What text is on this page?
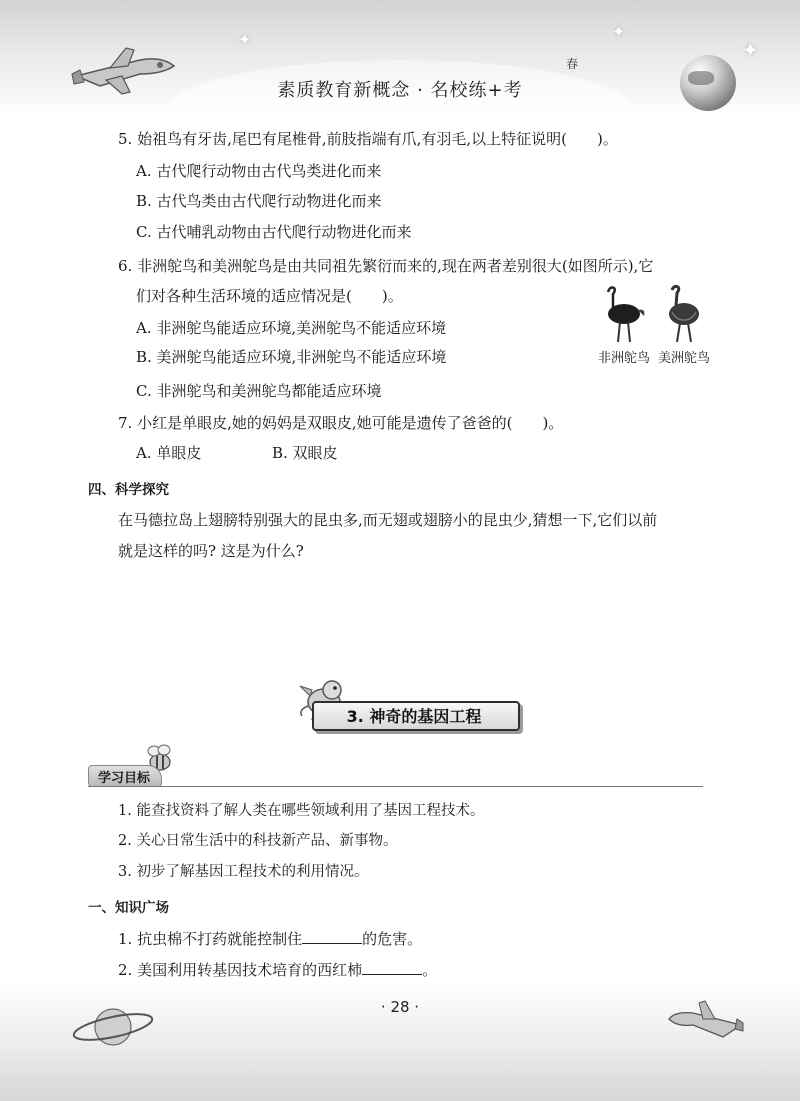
✦	✦
✦
素质教育新概念 · 名校练+考
春
5. 始祖鸟有牙齿,尾巴有尾椎骨,前肢指端有爪,有羽毛,以上特征说明(　　)。
A. 古代爬行动物由古代鸟类进化而来
B. 古代鸟类由古代爬行动物进化而来
C. 古代哺乳动物由古代爬行动物进化而来
6. 非洲鸵鸟和美洲鸵鸟是由共同祖先繁衍而来的,现在两者差别很大(如图所示),它
们对各种生活环境的适应情况是(　　)。
A. 非洲鸵鸟能适应环境,美洲鸵鸟不能适应环境
B. 美洲鸵鸟能适应环境,非洲鸵鸟不能适应环境
C. 非洲鸵鸟和美洲鸵鸟都能适应环境
非洲鸵鸟 美洲鸵鸟
7. 小红是单眼皮,她的妈妈是双眼皮,她可能是遗传了爸爸的(　　)。
A. 单眼皮	B. 双眼皮
四、科学探究
在马德拉岛上翅膀特别强大的昆虫多,而无翅或翅膀小的昆虫少,猜想一下,它们以前
就是这样的吗? 这是为什么?
3. 神奇的基因工程
学习目标
1. 能查找资料了解人类在哪些领域利用了基因工程技术。
2. 关心日常生活中的科技新产品、新事物。
3. 初步了解基因工程技术的利用情况。
一、知识广场
1. 抗虫棉不打药就能控制住	的危害。
2. 美国利用转基因技术培育的西红柿	。
· 28 ·
